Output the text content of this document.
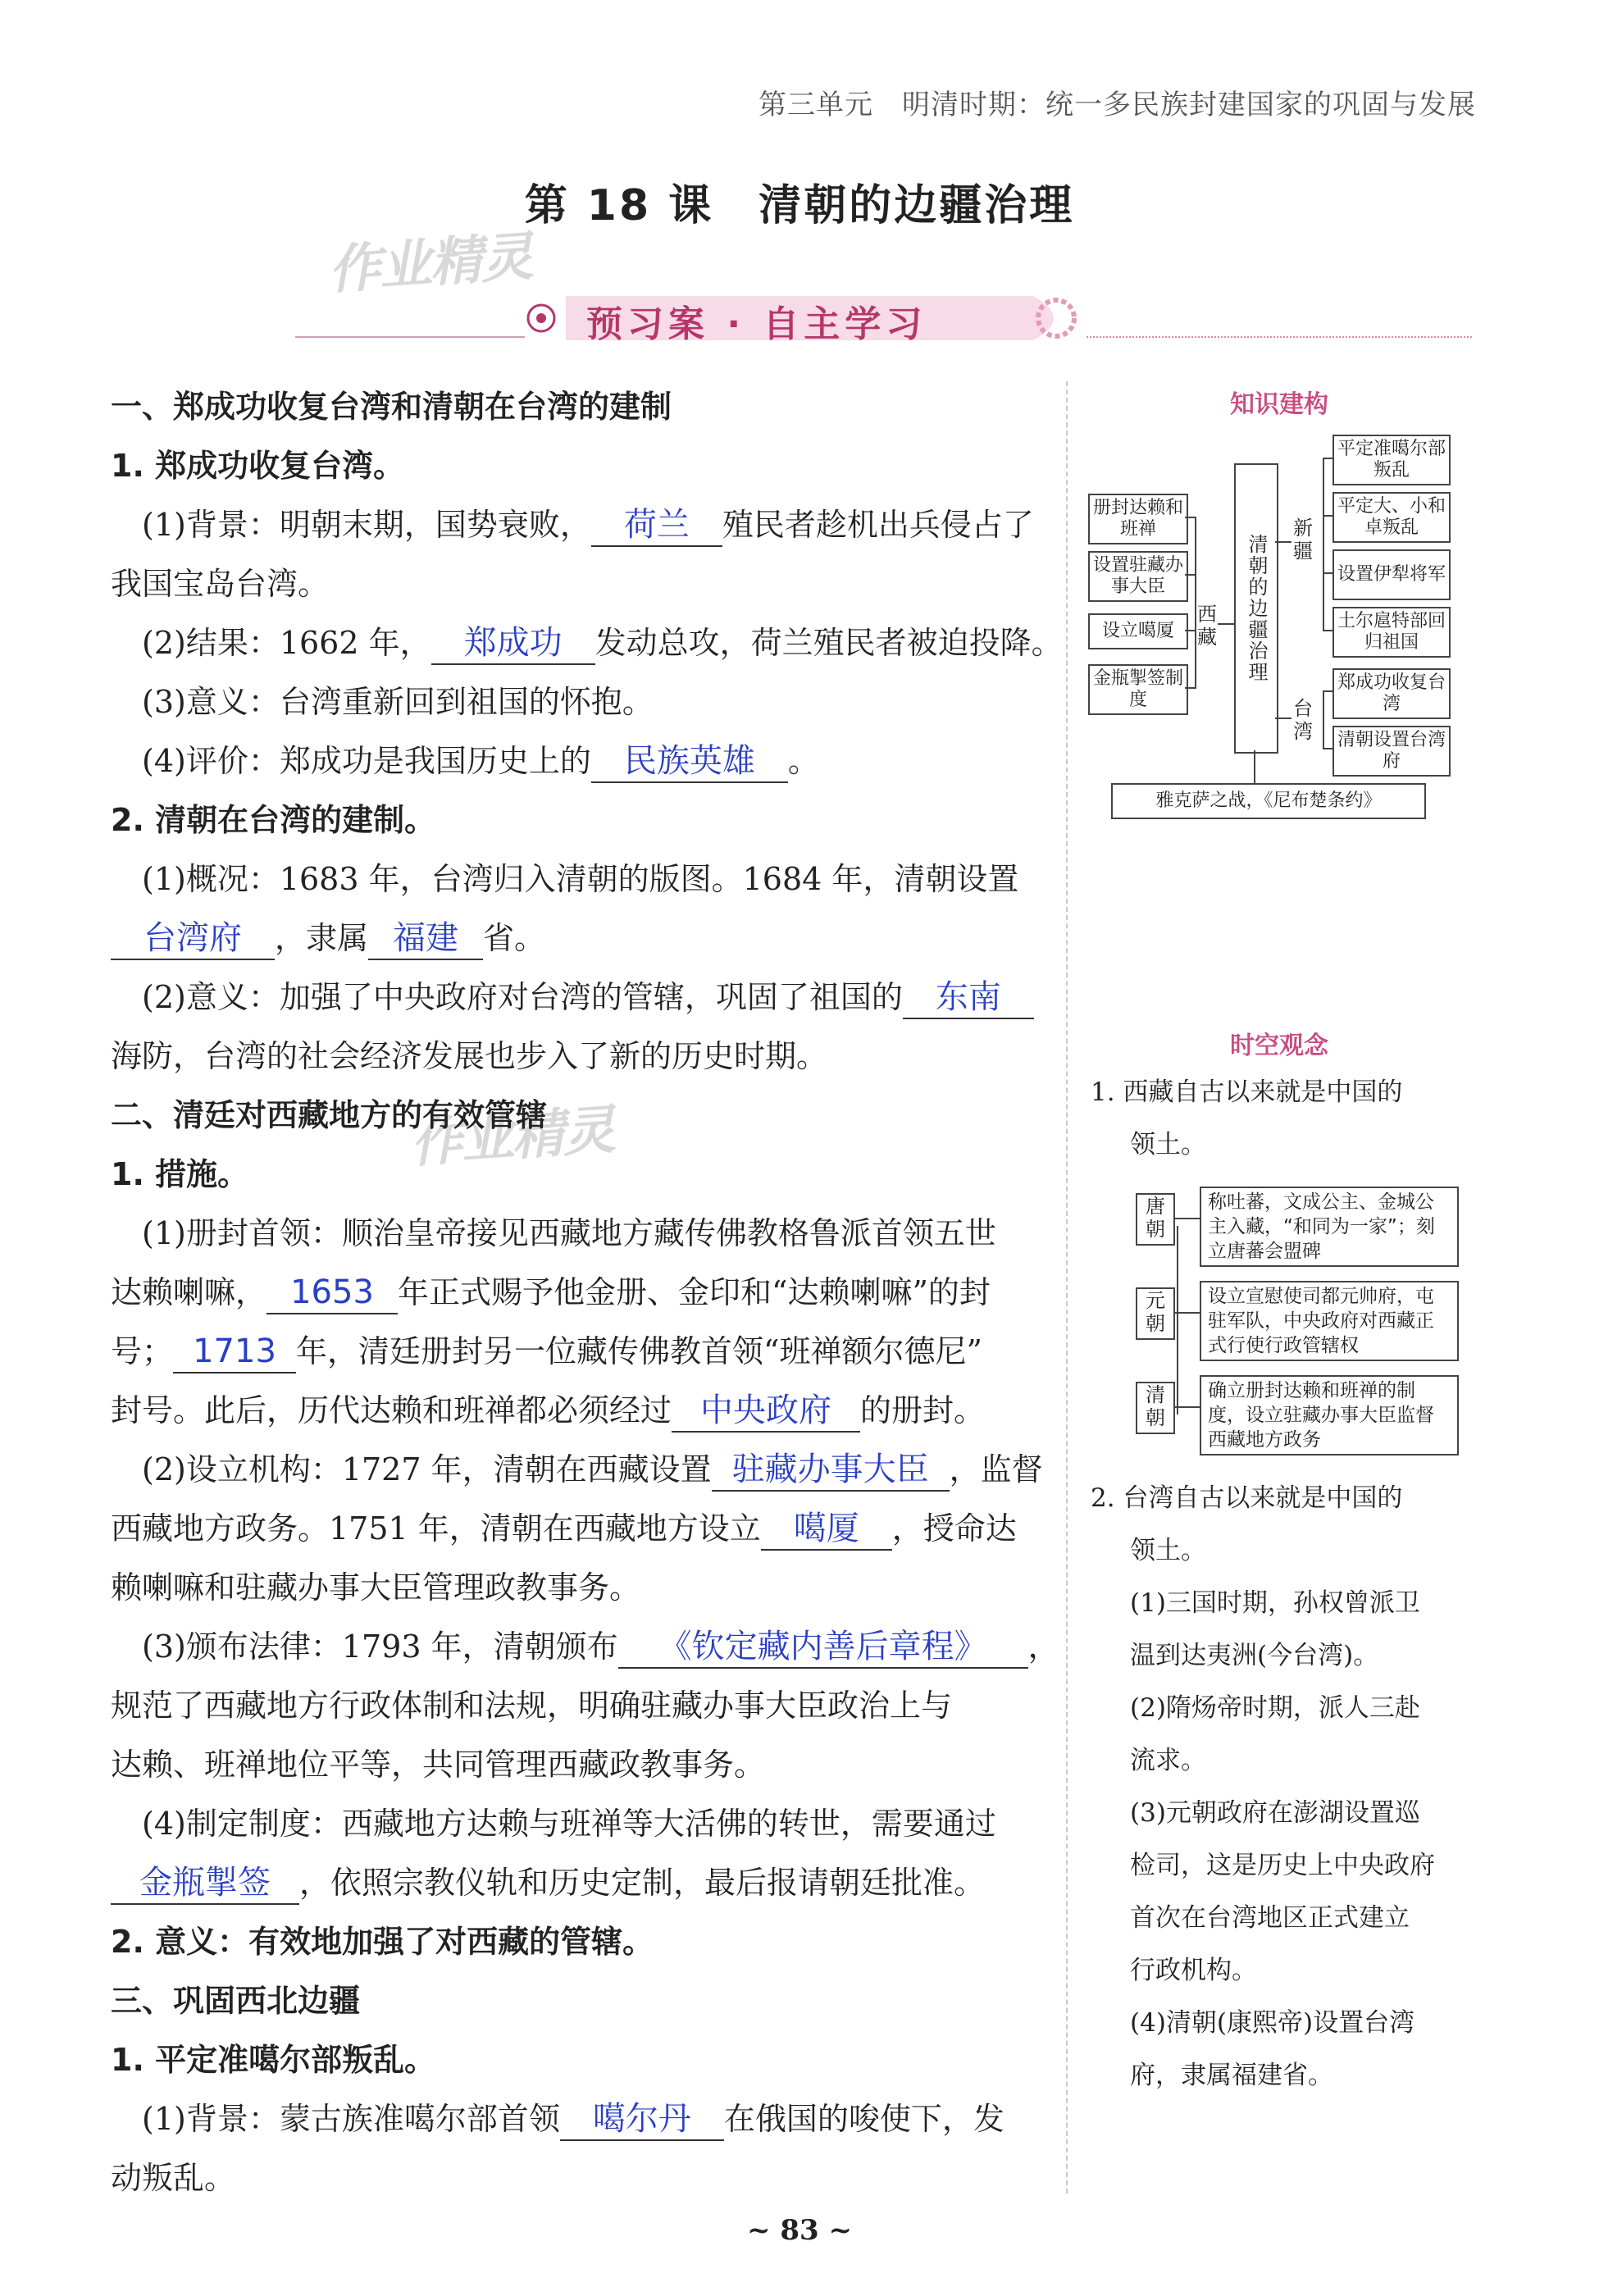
第三单元　 明清时期：统一多民族封建国家的巩固与发展
第 18 课　清朝的边疆治理
作业精灵
作业精灵
预习案 · 自主学习
一、郑成功收复台湾和清朝在台湾的建制
1. 郑成功收复台湾。
(1)背景：明朝末期，国势衰败， 荷兰 殖民者趁机出兵侵占了
我国宝岛台湾。
(2)结果：1662 年， 郑成功 发动总攻，荷兰殖民者被迫投降。
(3)意义：台湾重新回到祖国的怀抱。
(4)评价：郑成功是我国历史上的 民族英雄 。
2. 清朝在台湾的建制。
(1)概况：1683 年，台湾归入清朝的版图。1684 年，清朝设置
台湾府 ，隶属 福建 省。
(2)意义：加强了中央政府对台湾的管辖，巩固了祖国的 东南
海防，台湾的社会经济发展也步入了新的历史时期。
二、清廷对西藏地方的有效管辖
1. 措施。
(1)册封首领：顺治皇帝接见西藏地方藏传佛教格鲁派首领五世
达赖喇嘛， 1653 年正式赐予他金册、金印和“达赖喇嘛”的封
号； 1713 年，清廷册封另一位藏传佛教首领“班禅额尔德尼”
封号。此后，历代达赖和班禅都必须经过 中央政府 的册封。
(2)设立机构：1727 年，清朝在西藏设置 驻藏办事大臣 ，监督
西藏地方政务。1751 年，清朝在西藏地方设立 噶厦 ，授命达
赖喇嘛和驻藏办事大臣管理政教事务。
(3)颁布法律：1793 年，清朝颁布 《钦定藏内善后章程》 ，
规范了西藏地方行政体制和法规，明确驻藏办事大臣政治上与
达赖、班禅地位平等，共同管理西藏政教事务。
(4)制定制度：西藏地方达赖与班禅等大活佛的转世，需要通过
金瓶掣签 ，依照宗教仪轨和历史定制，最后报请朝廷批准。
2. 意义：有效地加强了对西藏的管辖。
三、巩固西北边疆
1. 平定准噶尔部叛乱。
(1)背景：蒙古族准噶尔部首领 噶尔丹 在俄国的唆使下，发
动叛乱。
知识建构
清朝的边疆治理
西藏
新疆
台湾
册封达赖和班禅
设置驻藏办事大臣
设立噶厦
金瓶掣签制度
平定准噶尔部叛乱
平定大、小和卓叛乱
设置伊犁将军
土尔扈特部回归祖国
郑成功收复台湾
清朝设置台湾府
雅克萨之战，《尼布楚条约》
时空观念

1. 西藏自古以来就是中国的

领土。

唐朝
称吐蕃，文成公主、金城公主入藏，“和同为一家”；刻立唐蕃会盟碑
元朝
设立宣慰使司都元帅府，屯驻军队，中央政府对西藏正式行使行政管辖权
清朝
确立册封达赖和班禅的制度，设立驻藏办事大臣监督西藏地方政务

2. 台湾自古以来就是中国的

领土。

(1)三国时期，孙权曾派卫

温到达夷洲(今台湾)。

(2)隋炀帝时期，派人三赴

流求。

(3)元朝政府在澎湖设置巡

检司，这是历史上中央政府

首次在台湾地区正式建立

行政机构。

(4)清朝(康熙帝)设置台湾

府，隶属福建省。

~ 83 ~
